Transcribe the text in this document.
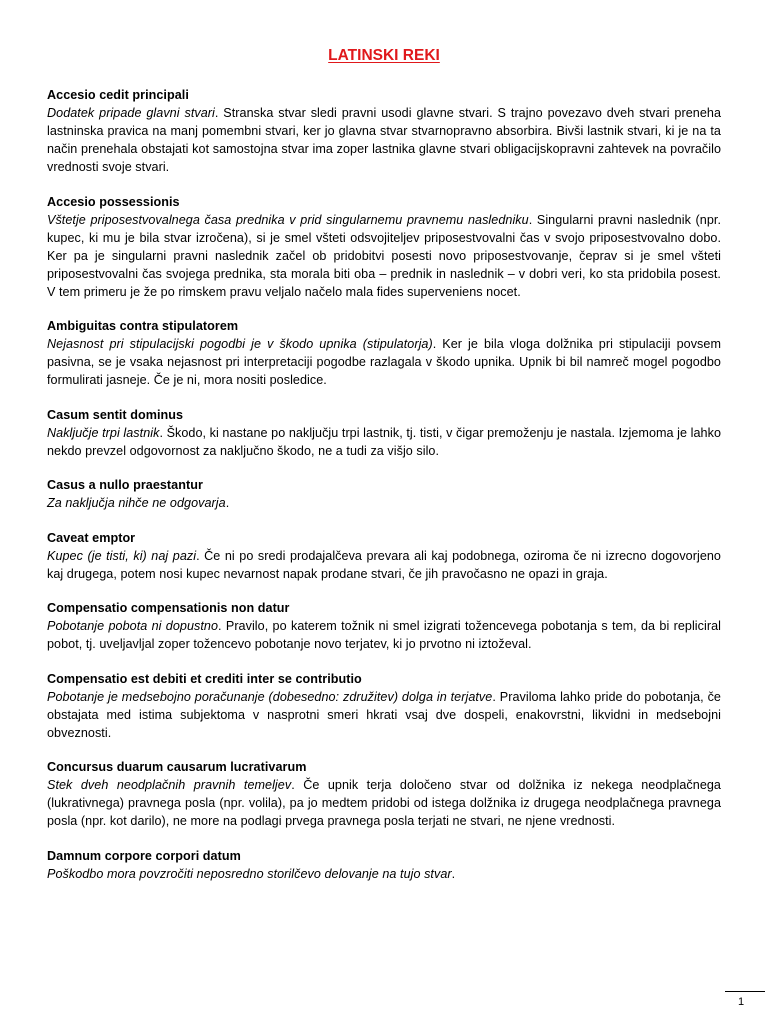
LATINSKI REKI
Accesio cedit principali
Dodatek pripade glavni stvari. Stranska stvar sledi pravni usodi glavne stvari. S trajno povezavo dveh stvari preneha lastninska pravica na manj pomembni stvari, ker jo glavna stvar stvarnopravno absorbira. Bivši lastnik stvari, ki je na ta način prenehala obstajati kot samostojna stvar ima zoper lastnika glavne stvari obligacijskopravni zahtevek na povračilo vrednosti svoje stvari.
Accesio possessionis
Vštetje priposestvovalnega časa prednika v prid singularnemu pravnemu nasledniku. Singularni pravni naslednik (npr. kupec, ki mu je bila stvar izročena), si je smel všteti odsvojiteljev priposestvovalni čas v svojo priposestvovalno dobo. Ker pa je singularni pravni naslednik začel ob pridobitvi posesti novo priposestvovanje, čeprav si je smel všteti priposestvovalni čas svojega prednika, sta morala biti oba – prednik in naslednik – v dobri veri, ko sta pridobila posest. V tem primeru je že po rimskem pravu veljalo načelo mala fides superveniens nocet.
Ambiguitas contra stipulatorem
Nejasnost pri stipulacijski pogodbi je v škodo upnika (stipulatorja). Ker je bila vloga dolžnika pri stipulaciji povsem pasivna, se je vsaka nejasnost pri interpretaciji pogodbe razlagala v škodo upnika. Upnik bi bil namreč mogel pogodbo formulirati jasneje. Če je ni, mora nositi posledice.
Casum sentit dominus
Naključje trpi lastnik. Škodo, ki nastane po naključju trpi lastnik, tj. tisti, v čigar premoženju je nastala. Izjemoma je lahko nekdo prevzel odgovornost za naključno škodo, ne a tudi za višjo silo.
Casus a nullo praestantur
Za naključja nihče ne odgovarja.
Caveat emptor
Kupec (je tisti, ki) naj pazi. Če ni po sredi prodajalčeva prevara ali kaj podobnega, oziroma če ni izrecno dogovorjeno kaj drugega, potem nosi kupec nevarnost napak prodane stvari, če jih pravočasno ne opazi in graja.
Compensatio compensationis non datur
Pobotanje pobota ni dopustno. Pravilo, po katerem tožnik ni smel izigrati tožencevega pobotanja s tem, da bi repliciral pobot, tj. uveljavljal zoper tožencevo pobotanje novo terjatev, ki jo prvotno ni iztoževal.
Compensatio est debiti et crediti inter se contributio
Pobotanje je medsebojno poračunanje (dobesedno: združitev) dolga in terjatve. Praviloma lahko pride do pobotanja, če obstajata med istima subjektoma v nasprotni smeri hkrati vsaj dve dospeli, enakovrstni, likvidni in medsebojni obveznosti.
Concursus duarum causarum lucrativarum
Stek dveh neodplačnih pravnih temeljev. Če upnik terja določeno stvar od dolžnika iz nekega neodplačnega (lukrativnega) pravnega posla (npr. volila), pa jo medtem pridobi od istega dolžnika iz drugega neodplačnega pravnega posla (npr. kot darilo), ne more na podlagi prvega pravnega posla terjati ne stvari, ne njene vrednosti.
Damnum corpore corpori datum
Poškodbo mora povzročiti neposredno storilčevo delovanje na tujo stvar.
1
